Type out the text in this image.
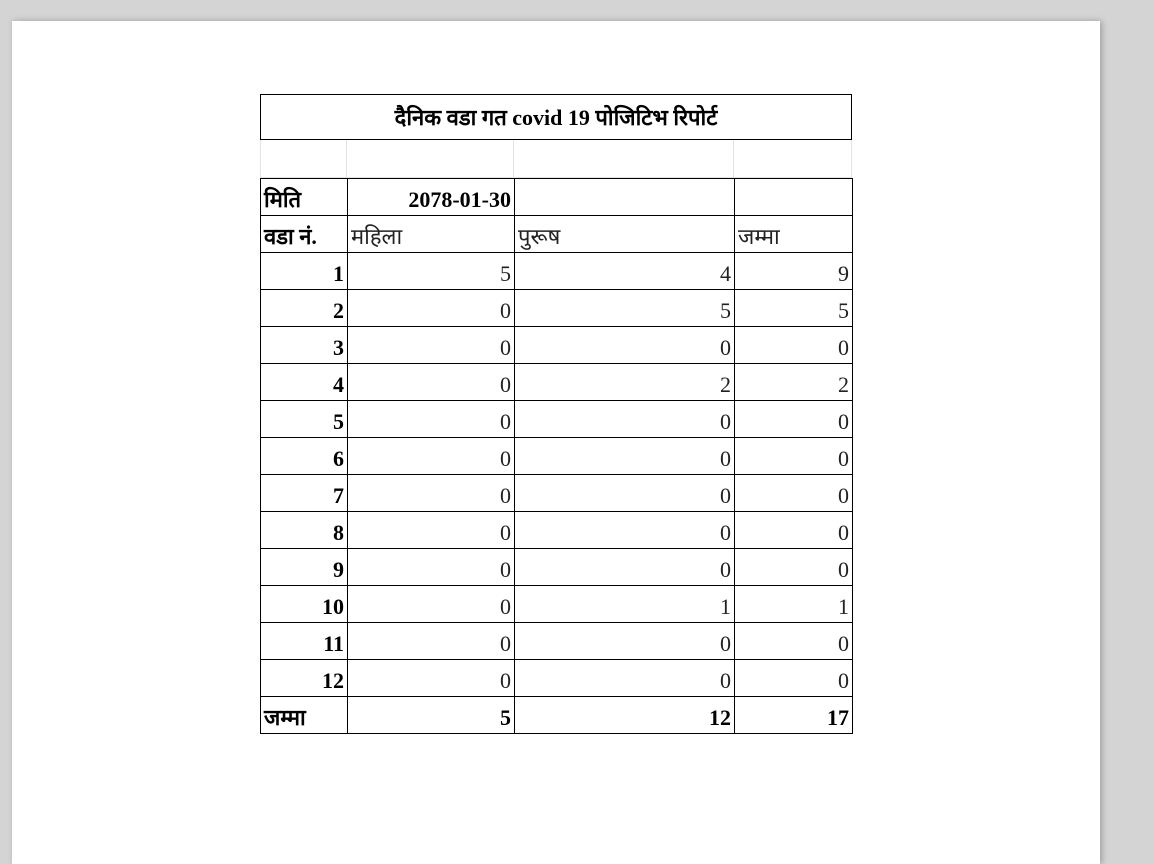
दैनिक वडा गत covid 19 पोजिटिभ रिपोर्ट
मिति	2078-01-30		
वडा नं.	महिला	पुरूष	जम्मा
1	5	4	9
2	0	5	5
3	0	0	0
4	0	2	2
5	0	0	0
6	0	0	0
7	0	0	0
8	0	0	0
9	0	0	0
10	0	1	1
11	0	0	0
12	0	0	0
जम्मा	5	12	17
